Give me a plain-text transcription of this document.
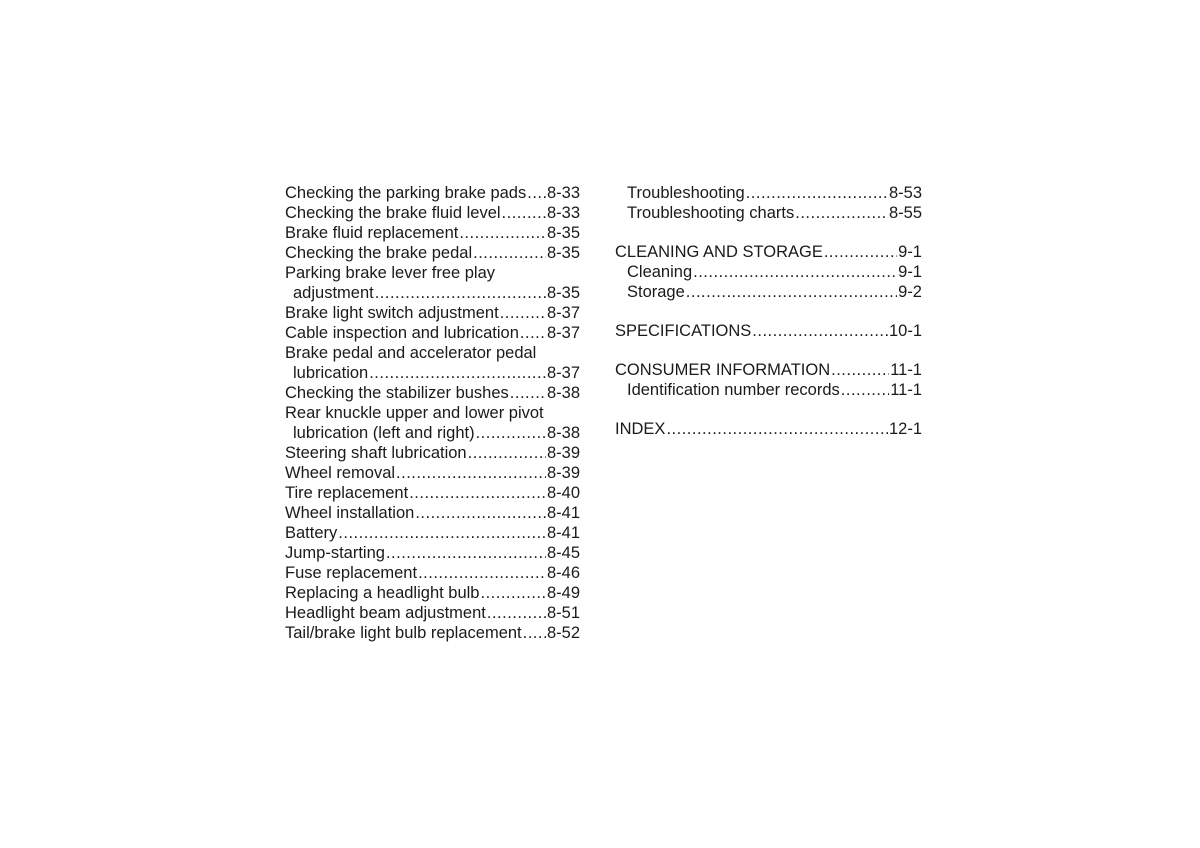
Checking the parking brake pads ..... 8-33
Checking the brake fluid level .....	8-33
Brake fluid replacement .....	8-35
Checking the brake pedal .....	8-35
Parking brake lever free play
adjustment .....	8-35
Brake light switch adjustment .....	8-37
Cable inspection and lubrication ..... 8-37
Brake pedal and accelerator pedal
lubrication .....	8-37
Checking the stabilizer bushes ..... 8-38
Rear knuckle upper and lower pivot
lubrication (left and right) .....	8-38
Steering shaft lubrication .....	8-39
Wheel removal .....	8-39
Tire replacement .....	8-40
Wheel installation .....	8-41
Battery .....	8-41
Jump-starting .....	8-45
Fuse replacement .....	8-46
Replacing a headlight bulb .....	8-49
Headlight beam adjustment .....	8-51
Tail/brake light bulb replacement ..... 8-52
Troubleshooting .....	8-53
Troubleshooting charts .....	8-55
CLEANING AND STORAGE .....	9-1
Cleaning .....	9-1
Storage .....	9-2
SPECIFICATIONS .....	10-1
CONSUMER INFORMATION .....	11-1
Identification number records .....	11-1
INDEX .....	12-1
